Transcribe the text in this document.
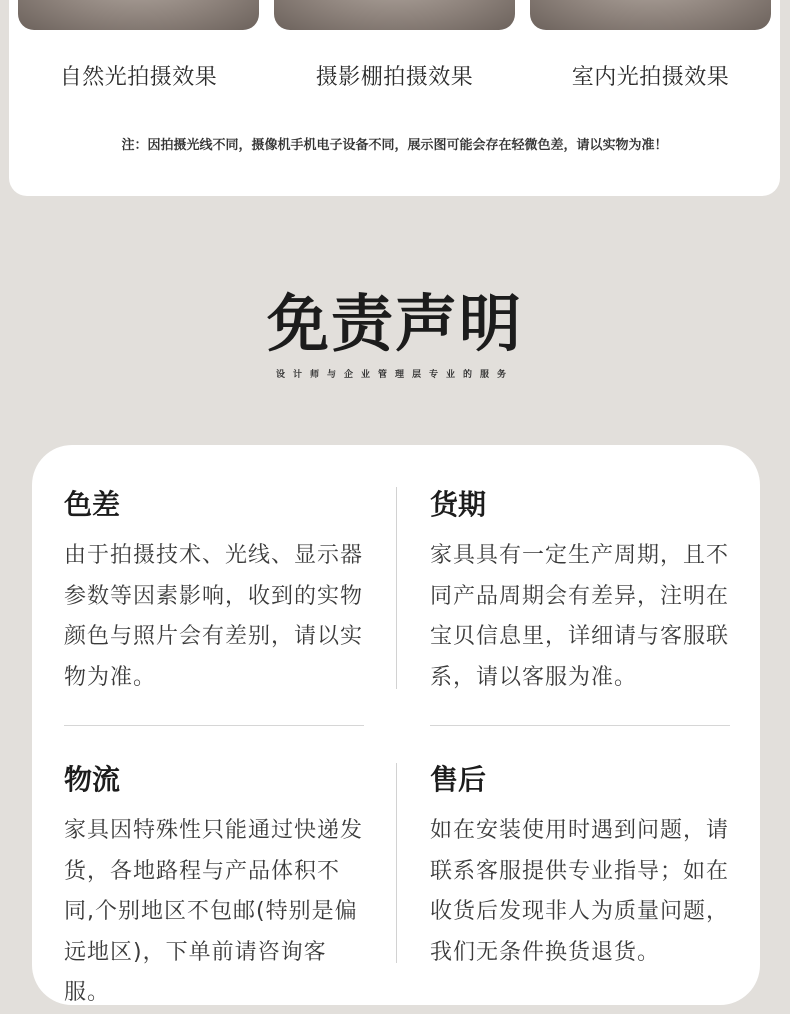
自然光拍摄效果	摄影棚拍摄效果	室内光拍摄效果
注：因拍摄光线不同，摄像机手机电子设备不同，展示图可能会存在轻微色差，请以实物为准！
免责声明
设计师与企业管理层专业的服务
色差
由于拍摄技术、光线、显示器参数等因素影响，收到的实物颜色与照片会有差别，请以实物为准。
货期
家具具有一定生产周期，且不同产品周期会有差异，注明在宝贝信息里，详细请与客服联系，请以客服为准。
物流
家具因特殊性只能通过快递发货，各地路程与产品体积不同,个别地区不包邮(特别是偏远地区)，下单前请咨询客服。
售后
如在安装使用时遇到问题，请联系客服提供专业指导；如在收货后发现非人为质量问题，我们无条件换货退货。
